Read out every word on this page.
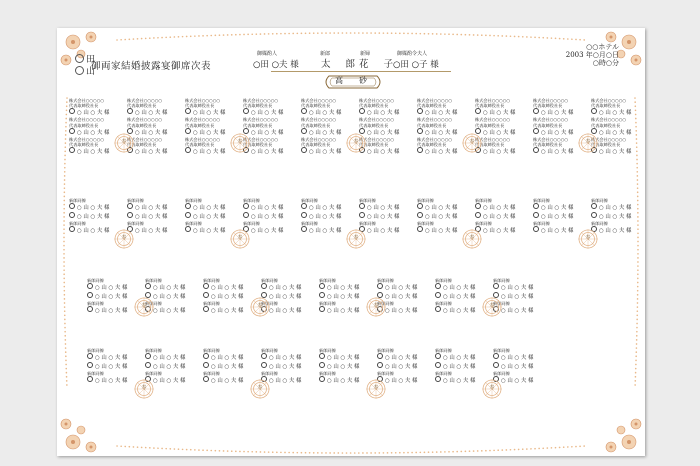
田
山
御両家結婚披露宴御席次表
御媒酌人
○田 ○夫 様
新郎
太 郎
新婦
花 子
御媒酌令夫人
○田 ○子 様
高　砂
○○ホテル
2003 年○月○日
○時○分
株式会社○○○○○
代表取締役社長
○ 山 ○ 夫 様
株式会社○○○○○
代表取締役社長
○ 山 ○ 夫 様
株式会社○○○○○
代表取締役社長
○ 山 ○ 夫 様
株式会社○○○○○
代表取締役社長
○ 山 ○ 夫 様
株式会社○○○○○
代表取締役社長
○ 山 ○ 夫 様
株式会社○○○○○
代表取締役社長
○ 山 ○ 夫 様
寿
株式会社○○○○○
代表取締役社長
○ 山 ○ 夫 様
株式会社○○○○○
代表取締役社長
○ 山 ○ 夫 様
株式会社○○○○○
代表取締役社長
○ 山 ○ 夫 様
株式会社○○○○○
代表取締役社長
○ 山 ○ 夫 様
株式会社○○○○○
代表取締役社長
○ 山 ○ 夫 様
株式会社○○○○○
代表取締役社長
○ 山 ○ 夫 様
寿
株式会社○○○○○
代表取締役社長
○ 山 ○ 夫 様
株式会社○○○○○
代表取締役社長
○ 山 ○ 夫 様
株式会社○○○○○
代表取締役社長
○ 山 ○ 夫 様
株式会社○○○○○
代表取締役社長
○ 山 ○ 夫 様
株式会社○○○○○
代表取締役社長
○ 山 ○ 夫 様
株式会社○○○○○
代表取締役社長
○ 山 ○ 夫 様
寿
株式会社○○○○○
代表取締役社長
○ 山 ○ 夫 様
株式会社○○○○○
代表取締役社長
○ 山 ○ 夫 様
株式会社○○○○○
代表取締役社長
○ 山 ○ 夫 様
株式会社○○○○○
代表取締役社長
○ 山 ○ 夫 様
株式会社○○○○○
代表取締役社長
○ 山 ○ 夫 様
株式会社○○○○○
代表取締役社長
○ 山 ○ 夫 様
寿
株式会社○○○○○
代表取締役社長
○ 山 ○ 夫 様
株式会社○○○○○
代表取締役社長
○ 山 ○ 夫 様
株式会社○○○○○
代表取締役社長
○ 山 ○ 夫 様
株式会社○○○○○
代表取締役社長
○ 山 ○ 夫 様
株式会社○○○○○
代表取締役社長
○ 山 ○ 夫 様
株式会社○○○○○
代表取締役社長
○ 山 ○ 夫 様
寿
新郎同僚
○ 山 ○ 夫 様
○ 山 ○ 夫 様
新郎同僚
○ 山 ○ 夫 様
新郎同僚
○ 山 ○ 夫 様
○ 山 ○ 夫 様
新郎同僚
○ 山 ○ 夫 様
寿
新郎同僚
○ 山 ○ 夫 様
○ 山 ○ 夫 様
新郎同僚
○ 山 ○ 夫 様
新郎同僚
○ 山 ○ 夫 様
○ 山 ○ 夫 様
新郎同僚
○ 山 ○ 夫 様
寿
新郎同僚
○ 山 ○ 夫 様
○ 山 ○ 夫 様
新郎同僚
○ 山 ○ 夫 様
新郎同僚
○ 山 ○ 夫 様
○ 山 ○ 夫 様
新郎同僚
○ 山 ○ 夫 様
寿
新郎同僚
○ 山 ○ 夫 様
○ 山 ○ 夫 様
新郎同僚
○ 山 ○ 夫 様
新郎同僚
○ 山 ○ 夫 様
○ 山 ○ 夫 様
新郎同僚
○ 山 ○ 夫 様
寿
新郎同僚
○ 山 ○ 夫 様
○ 山 ○ 夫 様
新郎同僚
○ 山 ○ 夫 様
新郎同僚
○ 山 ○ 夫 様
○ 山 ○ 夫 様
新郎同僚
○ 山 ○ 夫 様
寿
新郎同僚
○ 山 ○ 夫 様
○ 山 ○ 夫 様
新郎同僚
○ 山 ○ 夫 様
新郎同僚
○ 山 ○ 夫 様
○ 山 ○ 夫 様
新郎同僚
○ 山 ○ 夫 様
寿
新郎同僚
○ 山 ○ 夫 様
○ 山 ○ 夫 様
新郎同僚
○ 山 ○ 夫 様
新郎同僚
○ 山 ○ 夫 様
○ 山 ○ 夫 様
新郎同僚
○ 山 ○ 夫 様
寿
新郎同僚
○ 山 ○ 夫 様
○ 山 ○ 夫 様
新郎同僚
○ 山 ○ 夫 様
新郎同僚
○ 山 ○ 夫 様
○ 山 ○ 夫 様
新郎同僚
○ 山 ○ 夫 様
寿
新郎同僚
○ 山 ○ 夫 様
○ 山 ○ 夫 様
新郎同僚
○ 山 ○ 夫 様
新郎同僚
○ 山 ○ 夫 様
○ 山 ○ 夫 様
新郎同僚
○ 山 ○ 夫 様
寿
新郎同僚
○ 山 ○ 夫 様
○ 山 ○ 夫 様
新郎同僚
○ 山 ○ 夫 様
新郎同僚
○ 山 ○ 夫 様
○ 山 ○ 夫 様
新郎同僚
○ 山 ○ 夫 様
寿
新郎同僚
○ 山 ○ 夫 様
○ 山 ○ 夫 様
新郎同僚
○ 山 ○ 夫 様
新郎同僚
○ 山 ○ 夫 様
○ 山 ○ 夫 様
新郎同僚
○ 山 ○ 夫 様
寿
新郎同僚
○ 山 ○ 夫 様
○ 山 ○ 夫 様
新郎同僚
○ 山 ○ 夫 様
新郎同僚
○ 山 ○ 夫 様
○ 山 ○ 夫 様
新郎同僚
○ 山 ○ 夫 様
寿
新郎同僚
○ 山 ○ 夫 様
○ 山 ○ 夫 様
新郎同僚
○ 山 ○ 夫 様
新郎同僚
○ 山 ○ 夫 様
○ 山 ○ 夫 様
新郎同僚
○ 山 ○ 夫 様
寿
